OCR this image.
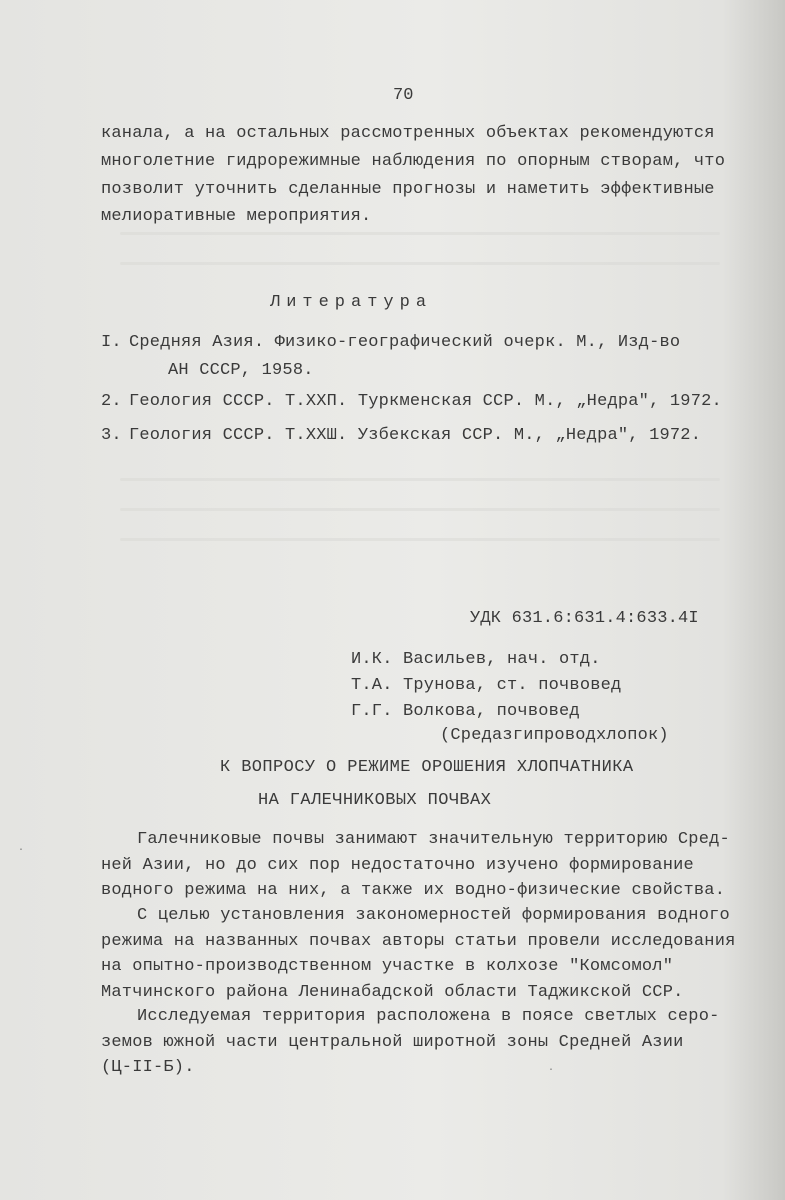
70
канала, а на остальных рассмотренных объектах рекомендуются
многолетние гидрорежимные наблюдения по опорным створам, что
позволит уточнить сделанные прогнозы и наметить эффективные
мелиоративные мероприятия.
Литература
I. Средняя Азия. Физико-географический очерк. М., Изд-во
АН СССР, 1958.
2. Геология СССР. Т.ХХП. Туркменская ССР. М., „Недра", 1972.
3. Геология СССР. Т.ХХШ. Узбекская ССР. М., „Недра", 1972.
УДК 631.6:631.4:633.4I
И.К. Васильев, нач. отд.
Т.А. Трунова, ст. почвовед
Г.Г. Волкова, почвовед
(Средазгипроводхлопок)
К ВОПРОСУ О РЕЖИМЕ ОРОШЕНИЯ ХЛОПЧАТНИКА
НА ГАЛЕЧНИКОВЫХ ПОЧВАХ
Галечниковые почвы занимают значительную территорию Сред-
ней Азии, но до сих пор недостаточно изучено формирование
водного режима на них, а также их водно-физические свойства.
С целью установления закономерностей формирования водного
режима на названных почвах авторы статьи провели исследования
на опытно-производственном участке в колхозе "Комсомол"
Матчинского района Ленинабадской области Таджикской ССР.
Исследуемая территория расположена в поясе светлых серо-
земов южной части центральной широтной зоны Средней Азии
(Ц-II-Б).
·
·
